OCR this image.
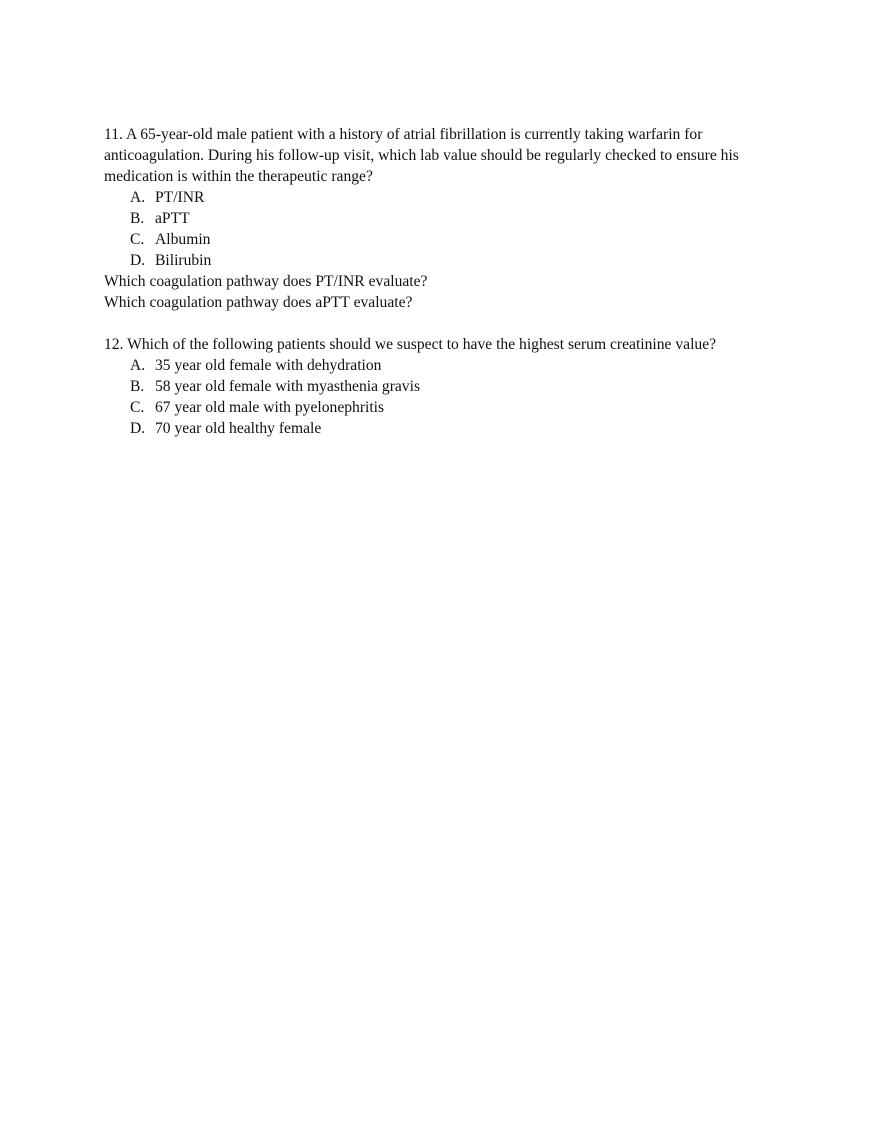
11. A 65-year-old male patient with a history of atrial fibrillation is currently taking warfarin for anticoagulation. During his follow-up visit, which lab value should be regularly checked to ensure his medication is within the therapeutic range?

A. PT/INR
B. aPTT
C. Albumin
D. Bilirubin

Which coagulation pathway does PT/INR evaluate?

Which coagulation pathway does aPTT evaluate?

12. Which of the following patients should we suspect to have the highest serum creatinine value?

A. 35 year old female with dehydration
B. 58 year old female with myasthenia gravis
C. 67 year old male with pyelonephritis
D. 70 year old healthy female
